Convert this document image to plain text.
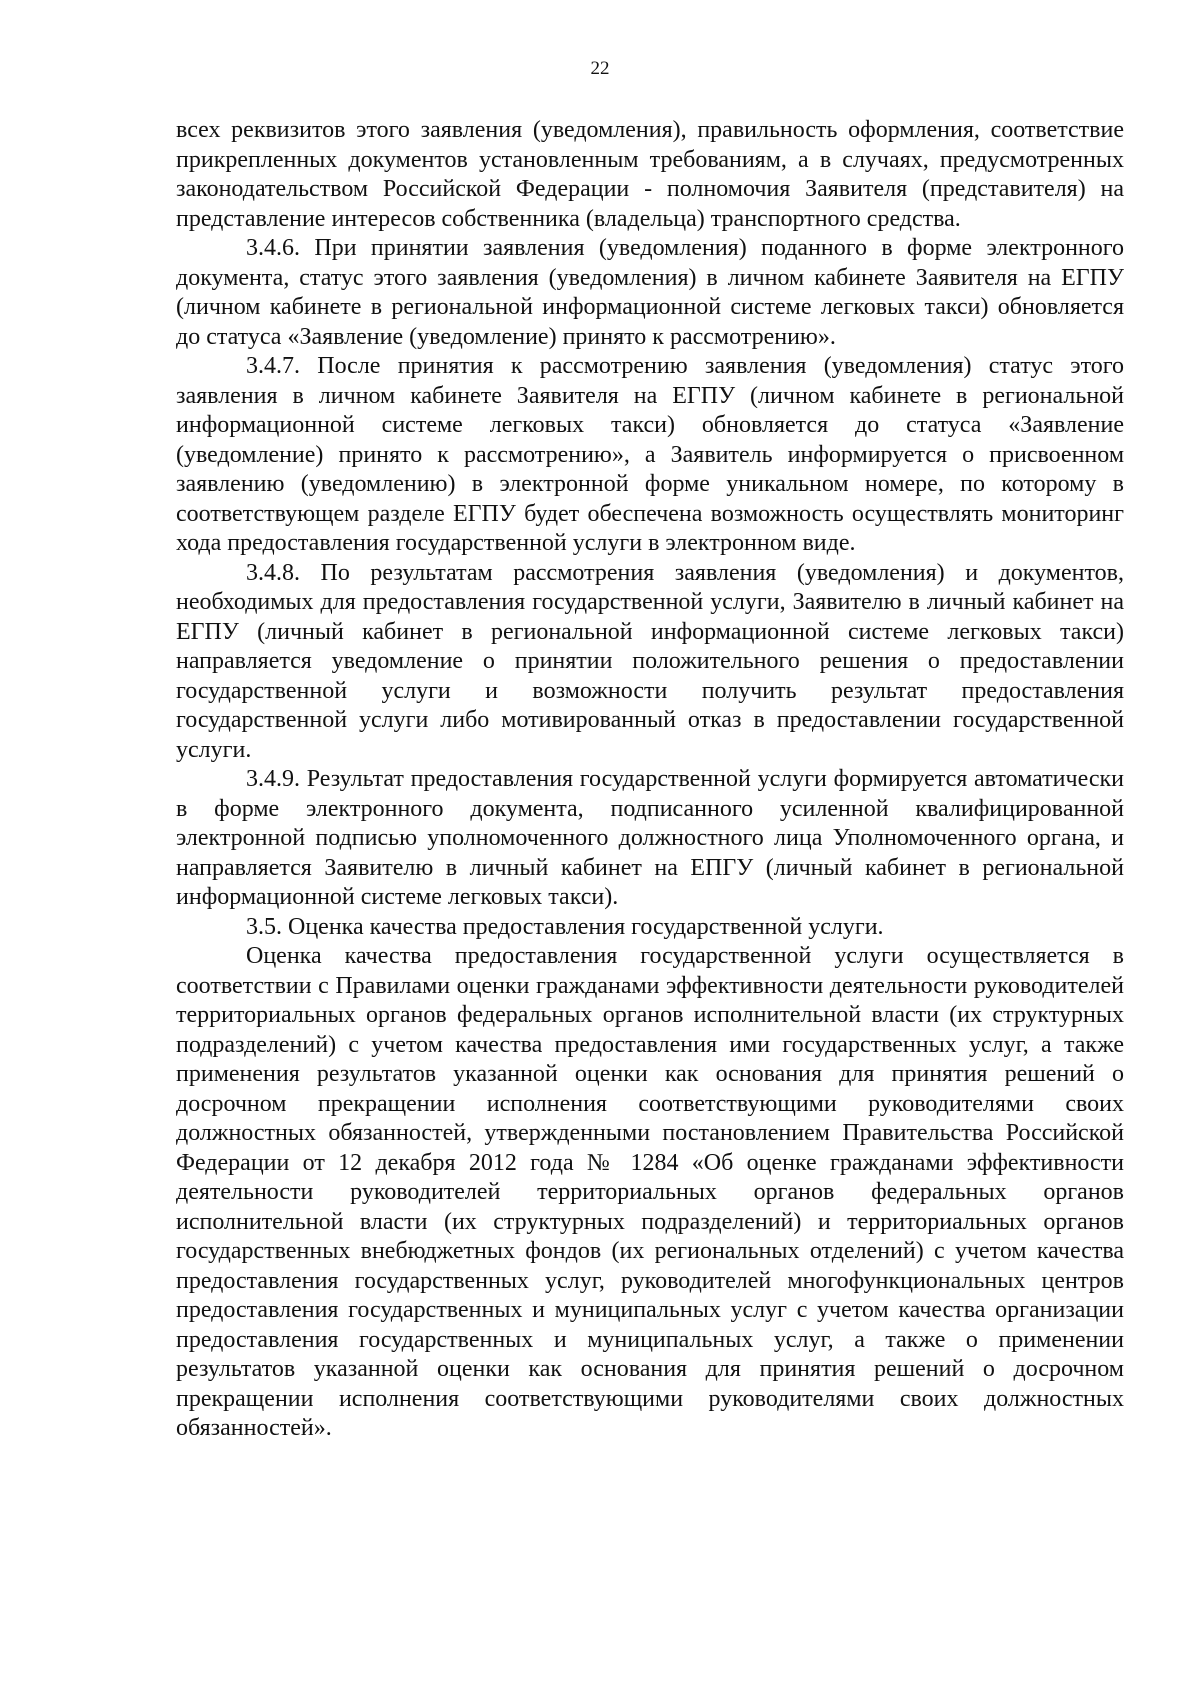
22

всех реквизитов этого заявления (уведомления), правильность оформления, соответствие прикрепленных документов установленным требованиям, а в случаях, предусмотренных законодательством Российской Федерации - полномочия Заявителя (представителя) на представление интересов собственника (владельца) транспортного средства.

3.4.6. При принятии заявления (уведомления) поданного в форме электронного документа, статус этого заявления (уведомления) в личном кабинете Заявителя на ЕГПУ (личном кабинете в региональной информационной системе легковых такси) обновляется до статуса «Заявление (уведомление) принято к рассмотрению».

3.4.7. После принятия к рассмотрению заявления (уведомления) статус этого заявления в личном кабинете Заявителя на ЕГПУ (личном кабинете в региональной информационной системе легковых такси) обновляется до статуса «Заявление (уведомление) принято к рассмотрению», а Заявитель информируется о присвоенном заявлению (уведомлению) в электронной форме уникальном номере, по которому в соответствующем разделе ЕГПУ будет обеспечена возможность осуществлять мониторинг хода предоставления государственной услуги в электронном виде.

3.4.8. По результатам рассмотрения заявления (уведомления) и документов, необходимых для предоставления государственной услуги, Заявителю в личный кабинет на ЕГПУ (личный кабинет в региональной информационной системе легковых такси) направляется уведомление о принятии положительного решения о предоставлении государственной услуги и возможности получить результат предоставления государственной услуги либо мотивированный отказ в предоставлении государственной услуги.

3.4.9. Результат предоставления государственной услуги формируется автоматически в форме электронного документа, подписанного усиленной квалифицированной электронной подписью уполномоченного должностного лица Уполномоченного органа, и направляется Заявителю в личный кабинет на ЕПГУ (личный кабинет в региональной информационной системе легковых такси).

3.5. Оценка качества предоставления государственной услуги.

Оценка качества предоставления государственной услуги осуществляется в соответствии с Правилами оценки гражданами эффективности деятельности руководителей территориальных органов федеральных органов исполнительной власти (их структурных подразделений) с учетом качества предоставления ими государственных услуг, а также применения результатов указанной оценки как основания для принятия решений о досрочном прекращении исполнения соответствующими руководителями своих должностных обязанностей, утвержденными постановлением Правительства Российской Федерации от 12 декабря 2012 года № 1284 «Об оценке гражданами эффективности деятельности руководителей территориальных органов федеральных органов исполнительной власти (их структурных подразделений) и территориальных органов государственных внебюджетных фондов (их региональных отделений) с учетом качества предоставления государственных услуг, руководителей многофункциональных центров предоставления государственных и муниципальных услуг с учетом качества организации предоставления государственных и муниципальных услуг, а также о применении результатов указанной оценки как основания для принятия решений о досрочном прекращении исполнения соответствующими руководителями своих должностных обязанностей».
